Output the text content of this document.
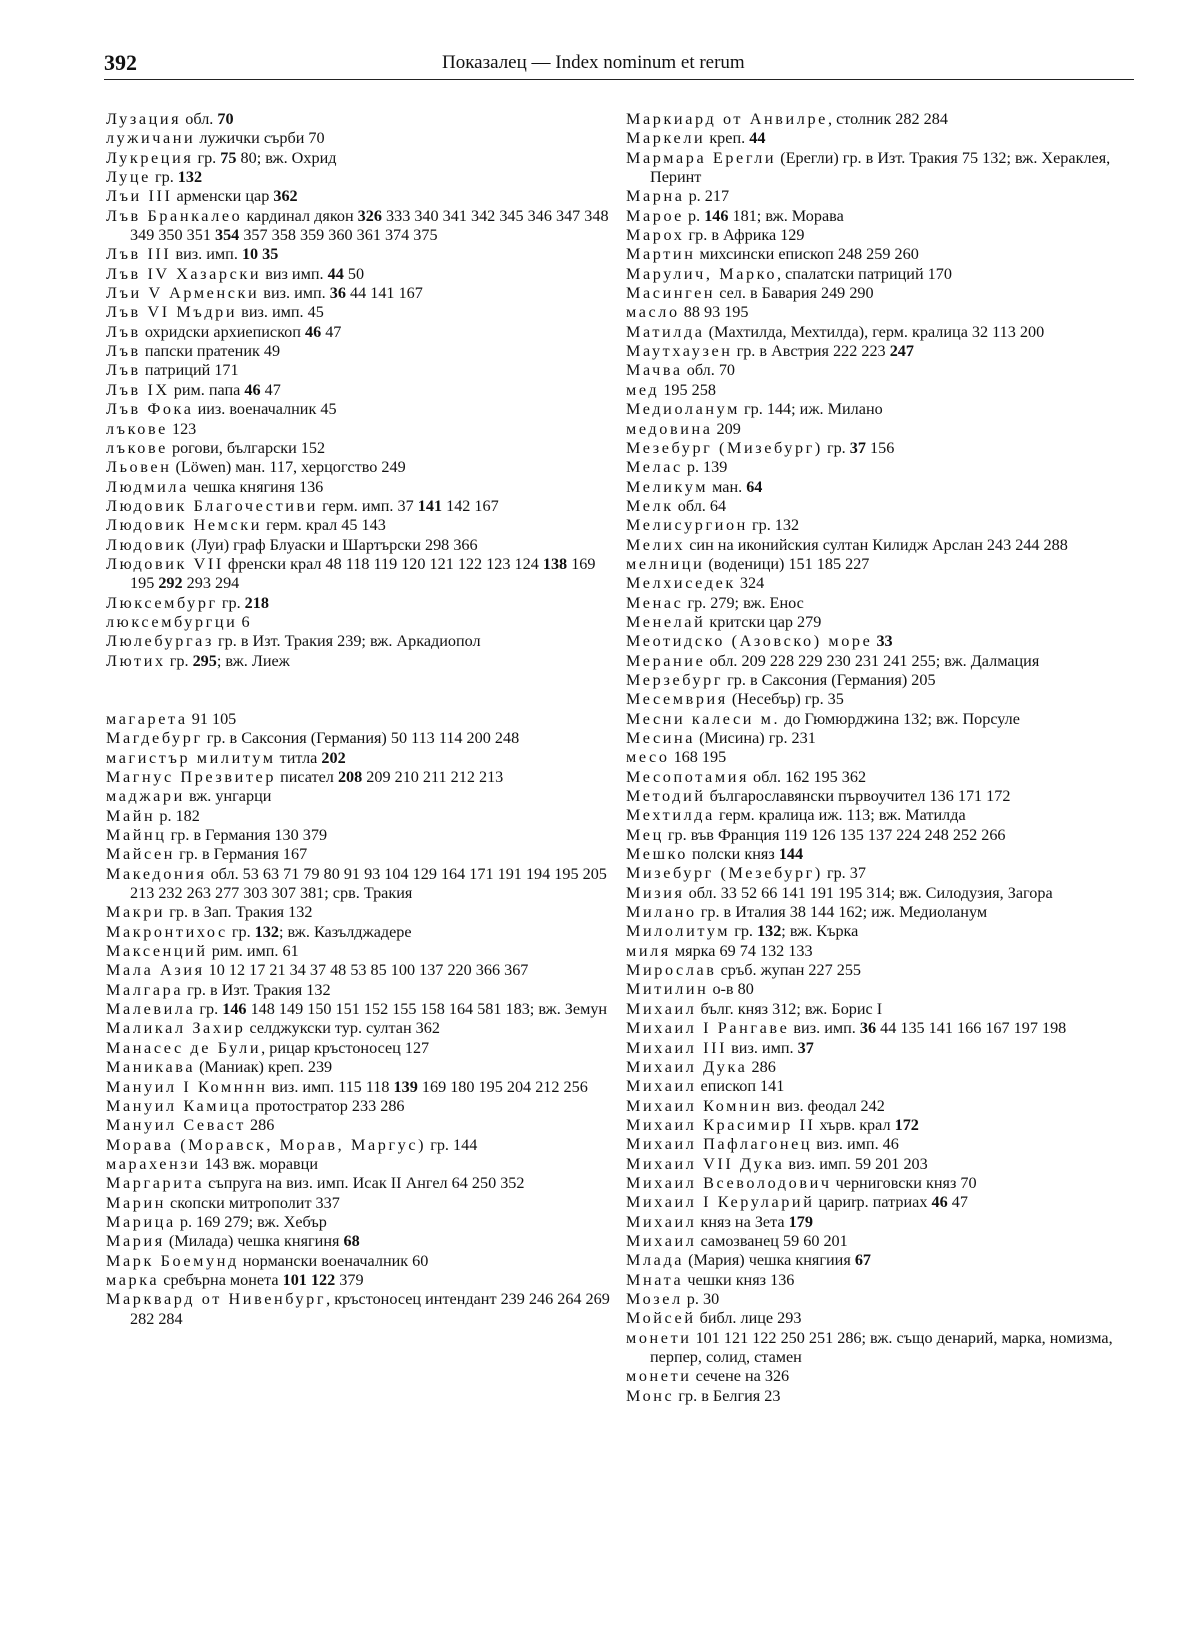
392	Показалец — Index nominum et rerum

Лузация обл. 70

лужичани лужички сърби 70

Лукреция гр. 75 80; вж. Охрид

Луце гр. 132

Лъи III арменски цар 362

Лъв Бранкалео кардинал дякон 326 333 340 341 342 345 346 347 348 349 350 351 354 357 358 359 360 361 374 375

Лъв III виз. имп. 10 35

Лъв IV Хазарски виз имп. 44 50

Лъи V Арменски виз. имп. 36 44 141 167

Лъв VI Мъдри виз. имп. 45

Лъв охридски архиепископ 46 47

Лъв папски пратеник 49

Лъв патриций 171

Лъв IX рим. папа 46 47

Лъв Фока ииз. военачалник 45

лъкове 123

лъкове рогови, български 152

Льовен (Löwen) ман. 117, херцогство 249

Людмила чешка княгиня 136

Людовик Благочестиви герм. имп. 37 141 142 167

Людовик Немски герм. крал 45 143

Людовик (Луи) граф Блуаски и Шартърски 298 366

Людовик VII френски крал 48 118 119 120 121 122 123 124 138 169 195 292 293 294

Люксембург гр. 218

люксембургци 6

Люлебургаз гр. в Изт. Тракия 239; вж. Аркадиопол

Лютих гр. 295; вж. Лиеж

магарета 91 105

Магдебург гр. в Саксония (Германия) 50 113 114 200 248

магистър милитум титла 202

Магнус Презвитер писател 208 209 210 211 212 213

маджари вж. унгарци

Майн р. 182

Майнц гр. в Германия 130 379

Майсен гр. в Германия 167

Македония обл. 53 63 71 79 80 91 93 104 129 164 171 191 194 195 205 213 232 263 277 303 307 381; срв. Тракия

Макри гр. в Зап. Тракия 132

Макронтихос гр. 132; вж. Казълджадере

Максенций рим. имп. 61

Мала Азия 10 12 17 21 34 37 48 53 85 100 137 220 366 367

Малгара гр. в Изт. Тракия 132

Малевила гр. 146 148 149 150 151 152 155 158 164 581 183; вж. Земун

Маликал Захир селджукски тур. султан 362

Манасес де Були, рицар кръстоносец 127

Маникава (Маниак) креп. 239

Мануил I Комннн виз. имп. 115 118 139 169 180 195 204 212 256

Мануил Камица протостратор 233 286

Мануил Севаст 286

Морава (Моравск, Морав, Маргус) гр. 144

марахензи 143 вж. моравци

Маргарита съпруга на виз. имп. Исак II Ангел 64 250 352

Марин скопски митрополит 337

Марица р. 169 279; вж. Хебър

Мария (Милада) чешка княгиня 68

Марк Боемунд нормански военачалник 60

марка сребърна монета 101 122 379

Марквард от Нивенбург, кръстоносец интендант 239 246 264 269 282 284

Маркиард от Анвилре, столник 282 284

Маркели креп. 44

Мармара Ерегли (Ерегли) гр. в Изт. Тракия 75 132; вж. Хераклея, Перинт

Марна р. 217

Мароe р. 146 181; вж. Морава

Марох гр. в Африка 129

Мартин михсински епископ 248 259 260

Марулич, Марко, спалатски патриций 170

Масинген сел. в Бавария 249 290

масло 88 93 195

Матилда (Махтилда, Мехтилда), герм. кралица 32 113 200

Маутхаузен гр. в Австрия 222 223 247

Мачва обл. 70

мед 195 258

Медиоланум гр. 144; иж. Милано

медовина 209

Мезебург (Мизебург) гр. 37 156

Мелас р. 139

Меликум ман. 64

Мелк обл. 64

Мелисургион гр. 132

Мелих син на иконийския султан Килидж Арслан 243 244 288

мелници (воденици) 151 185 227

Мелхиседек 324

Менас гр. 279; вж. Енос

Менелай критски цар 279

Меотидско (Азовско) море 33

Мерание обл. 209 228 229 230 231 241 255; вж. Далмация

Мерзебург гр. в Саксония (Германия) 205

Месемврия (Несебър) гр. 35

Месни калеси м. до Гюмюрджина 132; вж. Порсуле

Месина (Мисина) гр. 231

месо 168 195

Месопотамия обл. 162 195 362

Методий българославянски първоучител 136 171 172

Мехтилда герм. кралица иж. 113; вж. Матилда

Мец гр. във Франция 119 126 135 137 224 248 252 266

Мешко полски княз 144

Мизебург (Мезебург) гр. 37

Мизия обл. 33 52 66 141 191 195 314; вж. Силодузия, Загора

Милано гр. в Италия 38 144 162; иж. Медиоланум

Милолитум гр. 132; вж. Кърка

миля мярка 69 74 132 133

Мирослав сръб. жупан 227 255

Митилин о-в 80

Михаил бълг. княз 312; вж. Борис I

Михаил I Рангаве виз. имп. 36 44 135 141 166 167 197 198

Михаил III виз. имп. 37

Михаил Дука 286

Михаил епископ 141

Михаил Комнин виз. феодал 242

Михаил Красимир II хърв. крал 172

Михаил Пафлагонец виз. имп. 46

Михаил VII Дука виз. имп. 59 201 203

Михаил Всеволодович черниговски княз 70

Михаил I Керуларий цариrp. патриах 46 47

Михаил княз на Зета 179

Михаил самозванец 59 60 201

Млада (Мария) чешка княгиия 67

Мната чешки княз 136

Мозел р. 30

Мойсей библ. лице 293

монети 101 121 122 250 251 286; вж. също денарий, марка, номизма, перпер, солид, стамен

монети сечене на 326

Монс гр. в Белгия 23
